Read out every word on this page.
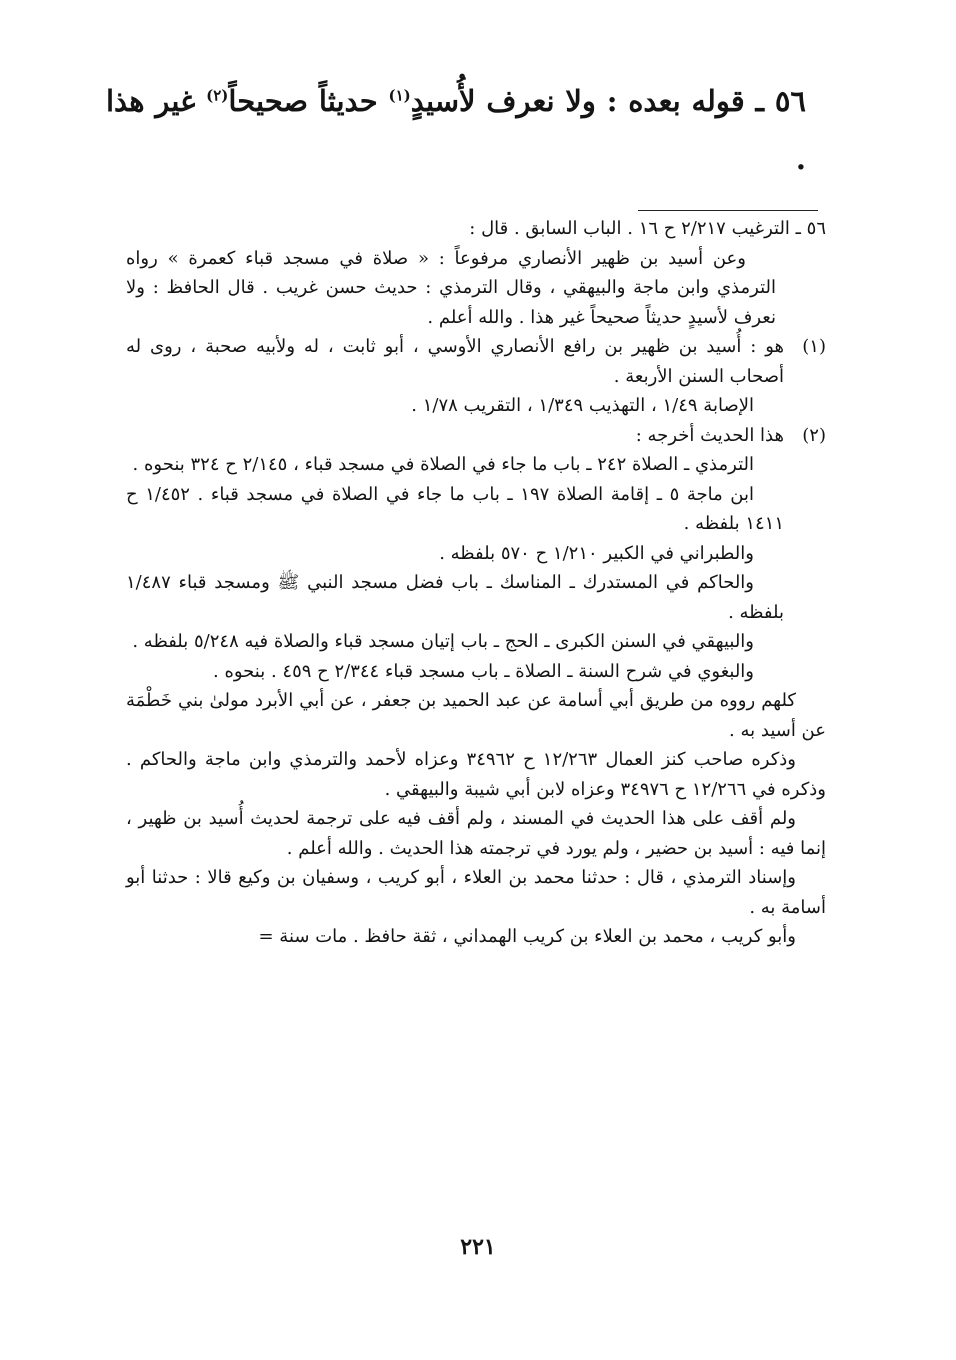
٥٦ ـ قوله بعده : ولا نعرف لأُسيدٍ$^{(١)}$ حديثاً صحيحاً$^{(٢)}$ غير هذا .

٥٦ ـ الترغيب ٢/٢١٧ ح ١٦ . الباب السابق . قال :

وعن أسيد بن ظهير الأنصاري مرفوعاً : « صلاة في مسجد قباء كعمرة » رواه الترمذي وابن ماجة والبيهقي ، وقال الترمذي : حديث حسن غريب . قال الحافظ : ولا نعرف لأسيدٍ حديثاً صحيحاً غير هذا . والله أعلم .

(١)

هو : أُسيد بن ظهير بن رافع الأنصاري الأوسي ، أبو ثابت ، له ولأبيه صحبة ، روى له أصحاب السنن الأربعة .

الإصابة ١/٤٩ ، التهذيب ١/٣٤٩ ، التقريب ١/٧٨ .

(٢)

هذا الحديث أخرجه :

الترمذي ـ الصلاة ٢٤٢ ـ باب ما جاء في الصلاة في مسجد قباء ، ٢/١٤٥ ح ٣٢٤ بنحوه .

ابن ماجة ٥ ـ إقامة الصلاة ١٩٧ ـ باب ما جاء في الصلاة في مسجد قباء . ١/٤٥٢ ح ١٤١١ بلفظه .

والطبراني في الكبير ١/٢١٠ ح ٥٧٠ بلفظه .

والحاكم في المستدرك ـ المناسك ـ باب فضل مسجد النبي ﷺ ومسجد قباء ١/٤٨٧ بلفظه .

والبيهقي في السنن الكبرى ـ الحج ـ باب إتيان مسجد قباء والصلاة فيه ٥/٢٤٨ بلفظه .

والبغوي في شرح السنة ـ الصلاة ـ باب مسجد قباء ٢/٣٤٤ ح ٤٥٩ . بنحوه .

كلهم رووه من طريق أبي أسامة عن عبد الحميد بن جعفر ، عن أبي الأبرد مولىٰ بني خَطْمَة عن أسيد به .

وذكره صاحب كنز العمال ١٢/٢٦٣ ح ٣٤٩٦٢ وعزاه لأحمد والترمذي وابن ماجة والحاكم . وذكره في ١٢/٢٦٦ ح ٣٤٩٧٦ وعزاه لابن أبي شيبة والبيهقي .

ولم أقف على هذا الحديث في المسند ، ولم أقف فيه على ترجمة لحديث أُسيد بن ظهير ، إنما فيه : أسيد بن حضير ، ولم يورد في ترجمته هذا الحديث . والله أعلم .

وإسناد الترمذي ، قال : حدثنا محمد بن العلاء ، أبو كريب ، وسفيان بن وكيع قالا : حدثنا أبو أسامة به .

وأبو كريب ، محمد بن العلاء بن كريب الهمداني ، ثقة حافظ . مات سنة =

٢٢١
